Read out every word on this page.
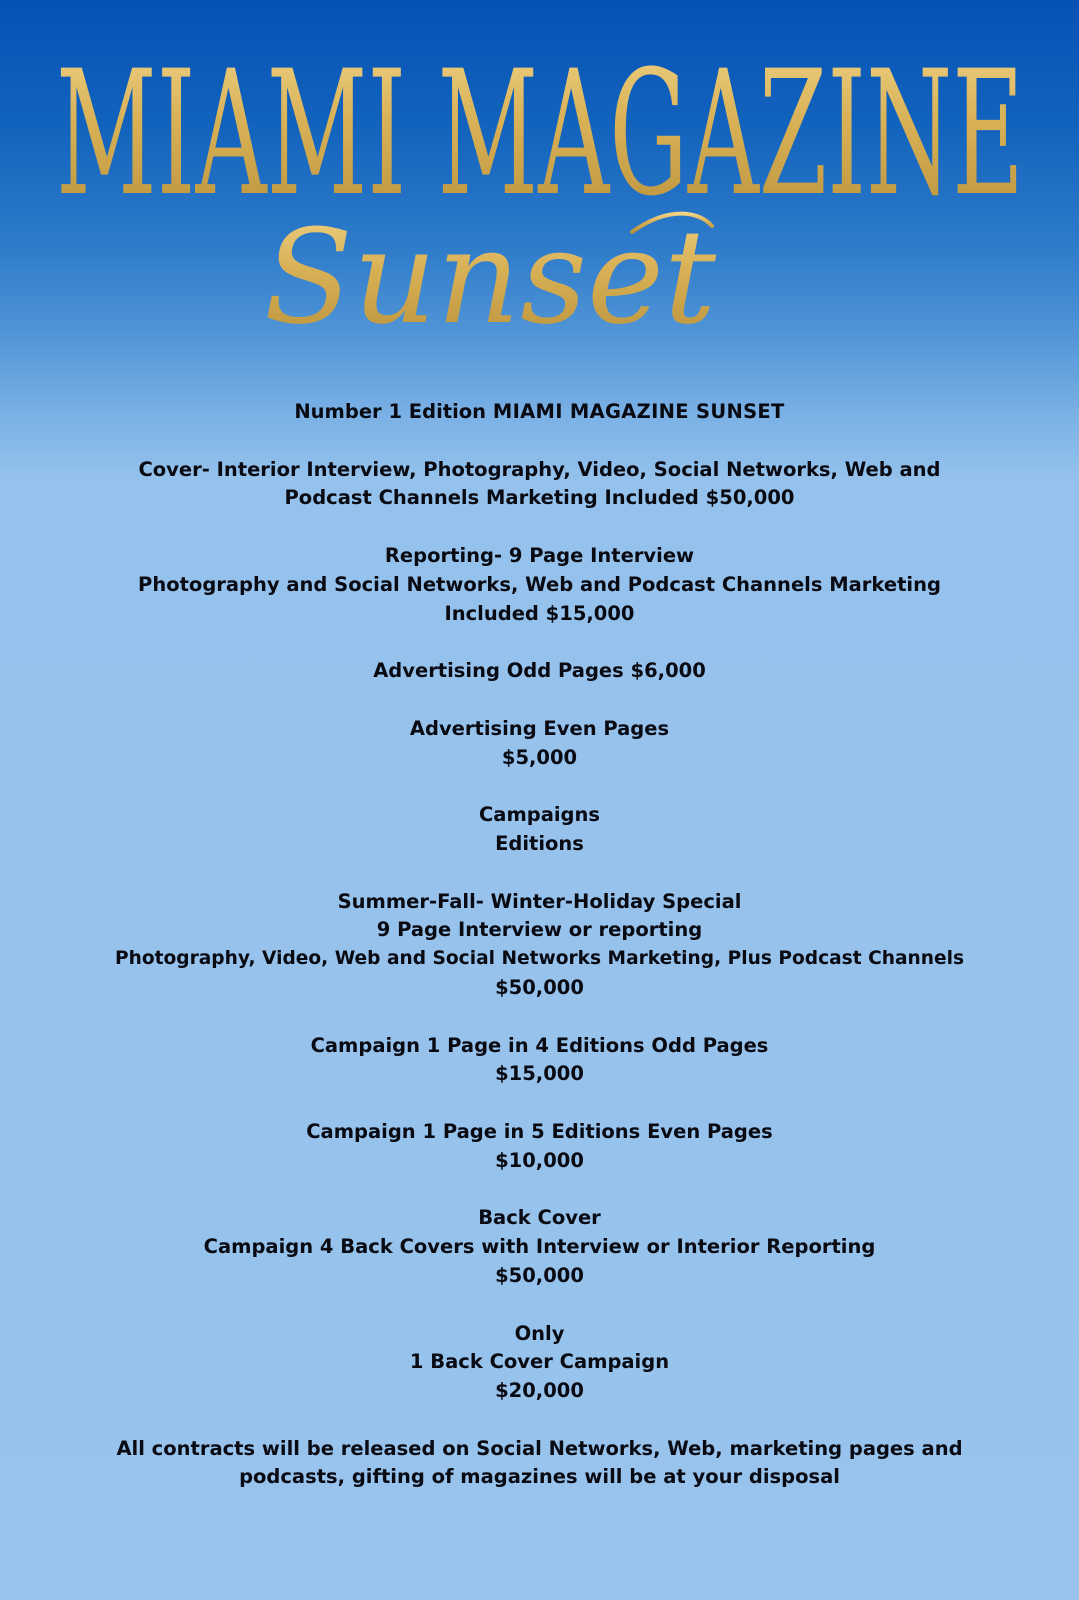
MIAMI MAGAZINE
Sunset
Number 1 Edition MIAMI MAGAZINE SUNSET
Cover- Interior Interview, Photography, Video, Social Networks, Web and
Podcast Channels Marketing Included $50,000
Reporting- 9 Page Interview
Photography and Social Networks, Web and Podcast Channels Marketing
Included $15,000
Advertising Odd Pages $6,000
Advertising Even Pages
$5,000
Campaigns
Editions
Summer-Fall- Winter-Holiday Special
9 Page Interview or reporting
Photography, Video, Web and Social Networks Marketing, Plus Podcast Channels
$50,000
Campaign 1 Page in 4 Editions Odd Pages
$15,000
Campaign 1 Page in 5 Editions Even Pages
$10,000
Back Cover
Campaign 4 Back Covers with Interview or Interior Reporting
$50,000
Only
1 Back Cover Campaign
$20,000
All contracts will be released on Social Networks, Web, marketing pages and
podcasts, gifting of magazines will be at your disposal
